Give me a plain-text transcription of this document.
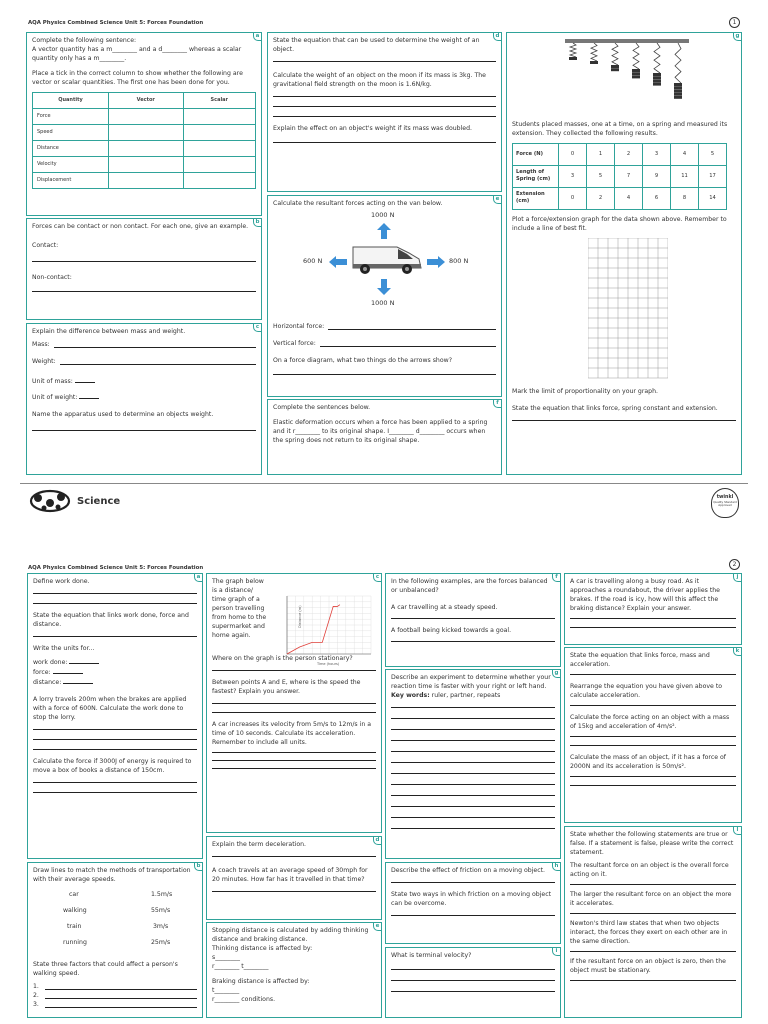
AQA Physics Combined Science Unit 5: Forces Foundation	1
a

Complete the following sentence:

A vector quantity has a m________ and a d________ whereas a scalar quantity only has a m________.

Place a tick in the correct column to show whether the following are vector or scalar quantities. The first one has been done for you.

Quantity	Vector	Scalar
Force		
Speed		
Distance		
Velocity		
Displacement		
b

Forces can be contact or non contact. For each one, give an example.

Contact:

Non-contact:

c

Explain the difference between mass and weight.

Mass:
Weight:

Unit of mass:

Unit of weight:

Name the apparatus used to determine an objects weight.

d

State the equation that can be used to determine the weight of an object.

Calculate the weight of an object on the moon if its mass is 3kg. The gravitational field strength on the moon is 1.6N/kg.

Explain the effect on an object's weight if its mass was doubled.

e

Calculate the resultant forces acting on the van below.

1000 N
600 N	800 N
1000 N
Horizontal force:
Vertical force:

On a force diagram, what two things do the arrows show?

f

Complete the sentences below.

Elastic deformation occurs when a force has been applied to a spring and it r________ to its original shape. I________ d________ occurs when the spring does not return to its original shape.

g

Students placed masses, one at a time, on a spring and measured its extension. They collected the following results.

Force (N)	0	1	2	3	4	5
Length of Spring (cm)	3	5	7	9	11	17
Extension (cm)	0	2	4	6	8	14

Plot a force/extension graph for the data shown above. Remember to include a line of best fit.

Mark the limit of proportionality on your graph.

State the equation that links force, spring constant and extension.

Science	twinkl
Quality Standard Approved
AQA Physics Combined Science Unit 5: Forces Foundation	2
a

Define work done.

State the equation that links work done, force and distance.

Write the units for...

work done:

force:

distance:

A lorry travels 200m when the brakes are applied with a force of 600N. Calculate the work done to stop the lorry.

Calculate the force if 3000J of energy is required to move a box of books a distance of 150cm.

b

Draw lines to match the methods of transportation with their average speeds.

car
walking
train
running
1.5m/s
55m/s
3m/s
25m/s

State three factors that could affect a person's walking speed.

1.
2.
3.
c

The graph below is a distance/ time graph of a person travelling from home to the supermarket and home again.

Distance (m)
Time (hours)

Where on the graph is the person stationary?

Between points A and E, where is the speed the fastest? Explain you answer.

A car increases its velocity from 5m/s to 12m/s in a time of 10 seconds. Calculate its acceleration. Remember to include all units.

d

Explain the term deceleration.

A coach travels at an average speed of 30mph for 20 minutes. How far has it travelled in that time?

e

Stopping distance is calculated by adding thinking distance and braking distance.

Thinking distance is affected by:

s________

r________ t________

Braking distance is affected by:

t________

r________ conditions.

f

In the following examples, are the forces balanced or unbalanced?

A car travelling at a steady speed.

A football being kicked towards a goal.

g

Describe an experiment to determine whether your reaction time is faster with your right or left hand.

Key words: ruler, partner, repeats

h

Describe the effect of friction on a moving object.

State two ways in which friction on a moving object can be overcome.

i

What is terminal velocity?

j

A car is travelling along a busy road. As it approaches a roundabout, the driver applies the brakes. If the road is icy, how will this affect the braking distance? Explain your answer.

k

State the equation that links force, mass and acceleration.

Rearrange the equation you have given above to calculate acceleration.

Calculate the force acting on an object with a mass of 15kg and acceleration of 4m/s².

Calculate the mass of an object, if it has a force of 2000N and its acceleration is 50m/s².

l

State whether the following statements are true or false. If a statement is false, please write the correct statement.

The resultant force on an object is the overall force acting on it.

The larger the resultant force on an object the more it accelerates.

Newton's third law states that when two objects interact, the forces they exert on each other are in the same direction.

If the resultant force on an object is zero, then the object must be stationary.
